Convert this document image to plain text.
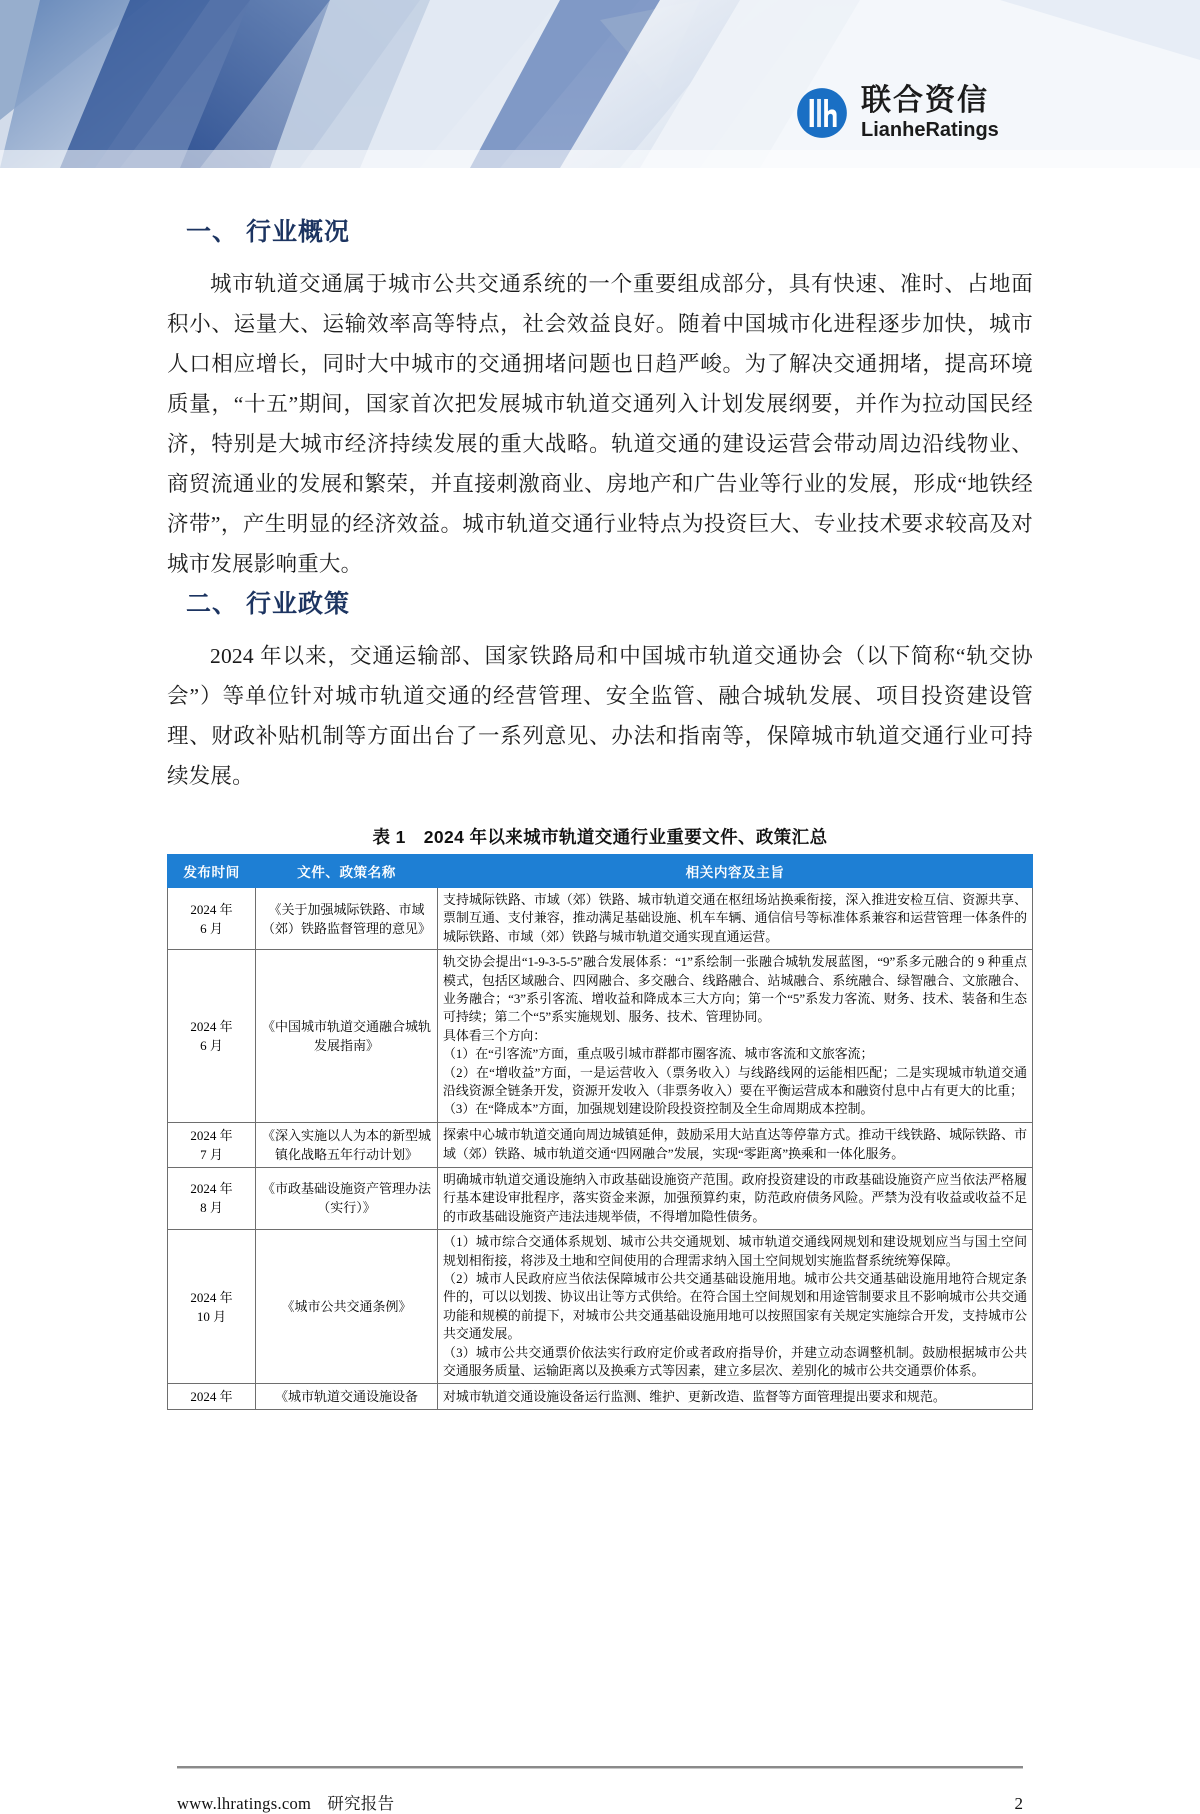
联合资信
LianheRatings
一、 行业概况

城市轨道交通属于城市公共交通系统的一个重要组成部分，具有快速、准时、占地面积小、运量大、运输效率高等特点，社会效益良好。随着中国城市化进程逐步加快，城市人口相应增长，同时大中城市的交通拥堵问题也日趋严峻。为了解决交通拥堵，提高环境质量，“十五”期间，国家首次把发展城市轨道交通列入计划发展纲要，并作为拉动国民经济，特别是大城市经济持续发展的重大战略。轨道交通的建设运营会带动周边沿线物业、商贸流通业的发展和繁荣，并直接刺激商业、房地产和广告业等行业的发展，形成“地铁经济带”，产生明显的经济效益。城市轨道交通行业特点为投资巨大、专业技术要求较高及对城市发展影响重大。

二、 行业政策

2024 年以来，交通运输部、国家铁路局和中国城市轨道交通协会（以下简称“轨交协会”）等单位针对城市轨道交通的经营管理、安全监管、融合城轨发展、项目投资建设管理、财政补贴机制等方面出台了一系列意见、办法和指南等，保障城市轨道交通行业可持续发展。

表 1　2024 年以来城市轨道交通行业重要文件、政策汇总
发布时间	文件、政策名称	相关内容及主旨

2024 年
6 月	《关于加强城际铁路、市域（郊）铁路监督管理的意见》	支持城际铁路、市域（郊）铁路、城市轨道交通在枢纽场站换乘衔接，深入推进安检互信、资源共享、票制互通、支付兼容，推动满足基础设施、机车车辆、通信信号等标准体系兼容和运营管理一体条件的城际铁路、市域（郊）铁路与城市轨道交通实现直通运营。

2024 年
6 月	《中国城市轨道交通融合城轨发展指南》	轨交协会提出“1-9-3-5-5”融合发展体系：“1”系绘制一张融合城轨发展蓝图，“9”系多元融合的 9 种重点模式，包括区域融合、四网融合、多交融合、线路融合、站城融合、系统融合、绿智融合、文旅融合、业务融合；“3”系引客流、增收益和降成本三大方向；第一个“5”系发力客流、财务、技术、装备和生态可持续；第二个“5”系实施规划、服务、技术、管理协同。
具体看三个方向：
（1）在“引客流”方面，重点吸引城市群都市圈客流、城市客流和文旅客流；
（2）在“增收益”方面，一是运营收入（票务收入）与线路线网的运能相匹配；二是实现城市轨道交通沿线资源全链条开发，资源开发收入（非票务收入）要在平衡运营成本和融资付息中占有更大的比重；
（3）在“降成本”方面，加强规划建设阶段投资控制及全生命周期成本控制。

2024 年
7 月	《深入实施以人为本的新型城镇化战略五年行动计划》	探索中心城市轨道交通向周边城镇延伸，鼓励采用大站直达等停靠方式。推动干线铁路、城际铁路、市域（郊）铁路、城市轨道交通“四网融合”发展，实现“零距离”换乘和一体化服务。

2024 年
8 月	《市政基础设施资产管理办法（实行）》	明确城市轨道交通设施纳入市政基础设施资产范围。政府投资建设的市政基础设施资产应当依法严格履行基本建设审批程序，落实资金来源，加强预算约束，防范政府债务风险。严禁为没有收益或收益不足的市政基础设施资产违法违规举债，不得增加隐性债务。

2024 年
10 月	《城市公共交通条例》	（1）城市综合交通体系规划、城市公共交通规划、城市轨道交通线网规划和建设规划应当与国土空间规划相衔接，将涉及土地和空间使用的合理需求纳入国土空间规划实施监督系统统筹保障。
（2）城市人民政府应当依法保障城市公共交通基础设施用地。城市公共交通基础设施用地符合规定条件的，可以以划拨、协议出让等方式供给。在符合国土空间规划和用途管制要求且不影响城市公共交通功能和规模的前提下，对城市公共交通基础设施用地可以按照国家有关规定实施综合开发，支持城市公共交通发展。
（3）城市公共交通票价依法实行政府定价或者政府指导价，并建立动态调整机制。鼓励根据城市公共交通服务质量、运输距离以及换乘方式等因素，建立多层次、差别化的城市公共交通票价体系。

2024 年	《城市轨道交通设施设备	对城市轨道交通设施设备运行监测、维护、更新改造、监督等方面管理提出要求和规范。
www.lhratings.com 研究报告	2
